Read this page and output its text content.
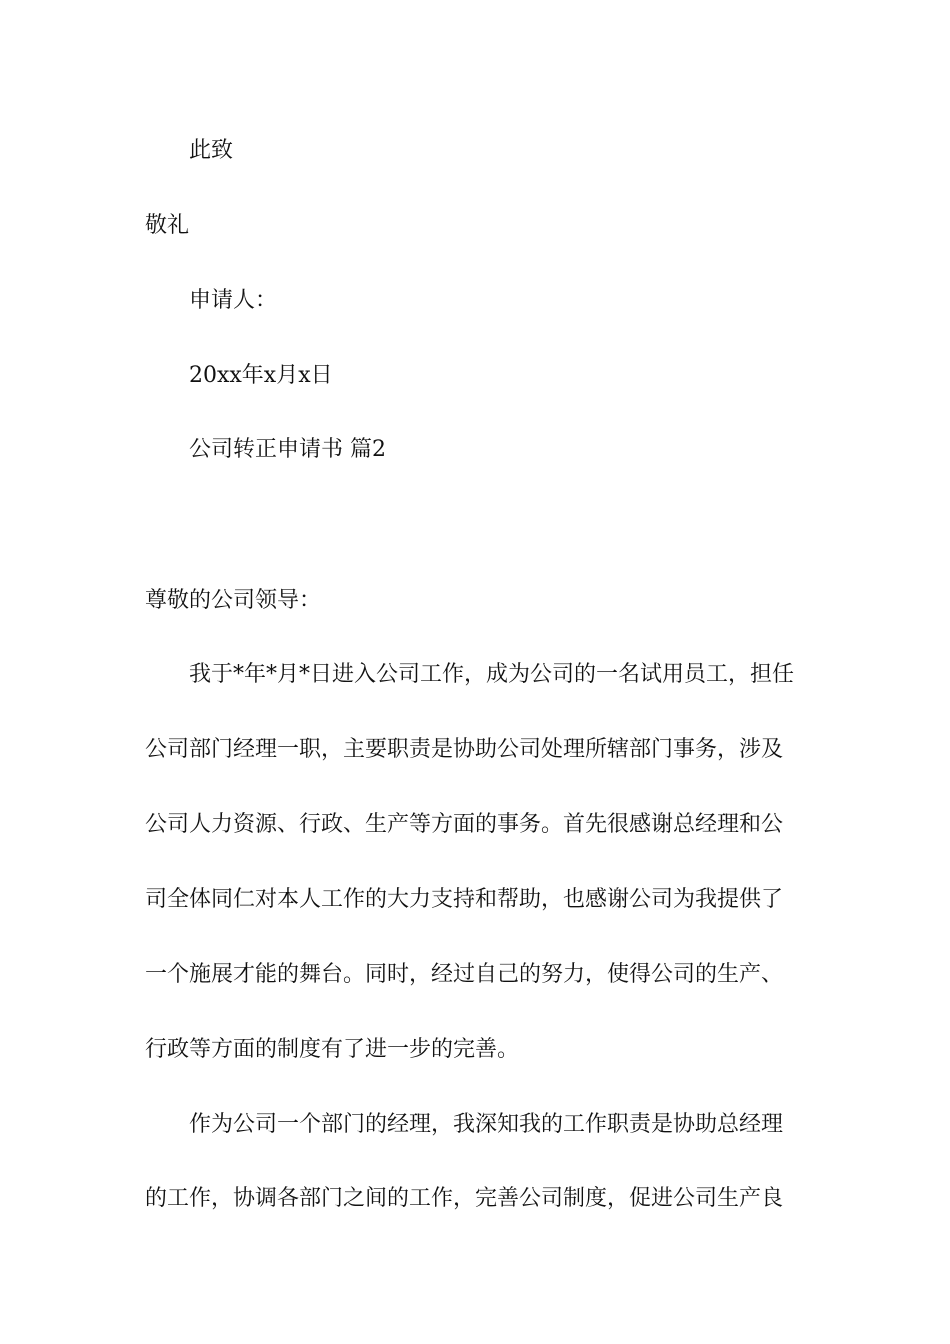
此致
敬礼
申请人：
20xx年x月x日
公司转正申请书 篇2
尊敬的公司领导：
我于*年*月*日进入公司工作，成为公司的一名试用员工，担任
公司部门经理一职，主要职责是协助公司处理所辖部门事务，涉及
公司人力资源、行政、生产等方面的事务。首先很感谢总经理和公
司全体同仁对本人工作的大力支持和帮助，也感谢公司为我提供了
一个施展才能的舞台。同时，经过自己的努力，使得公司的生产、
行政等方面的制度有了进一步的完善。
作为公司一个部门的经理，我深知我的工作职责是协助总经理
的工作，协调各部门之间的工作，完善公司制度，促进公司生产良
